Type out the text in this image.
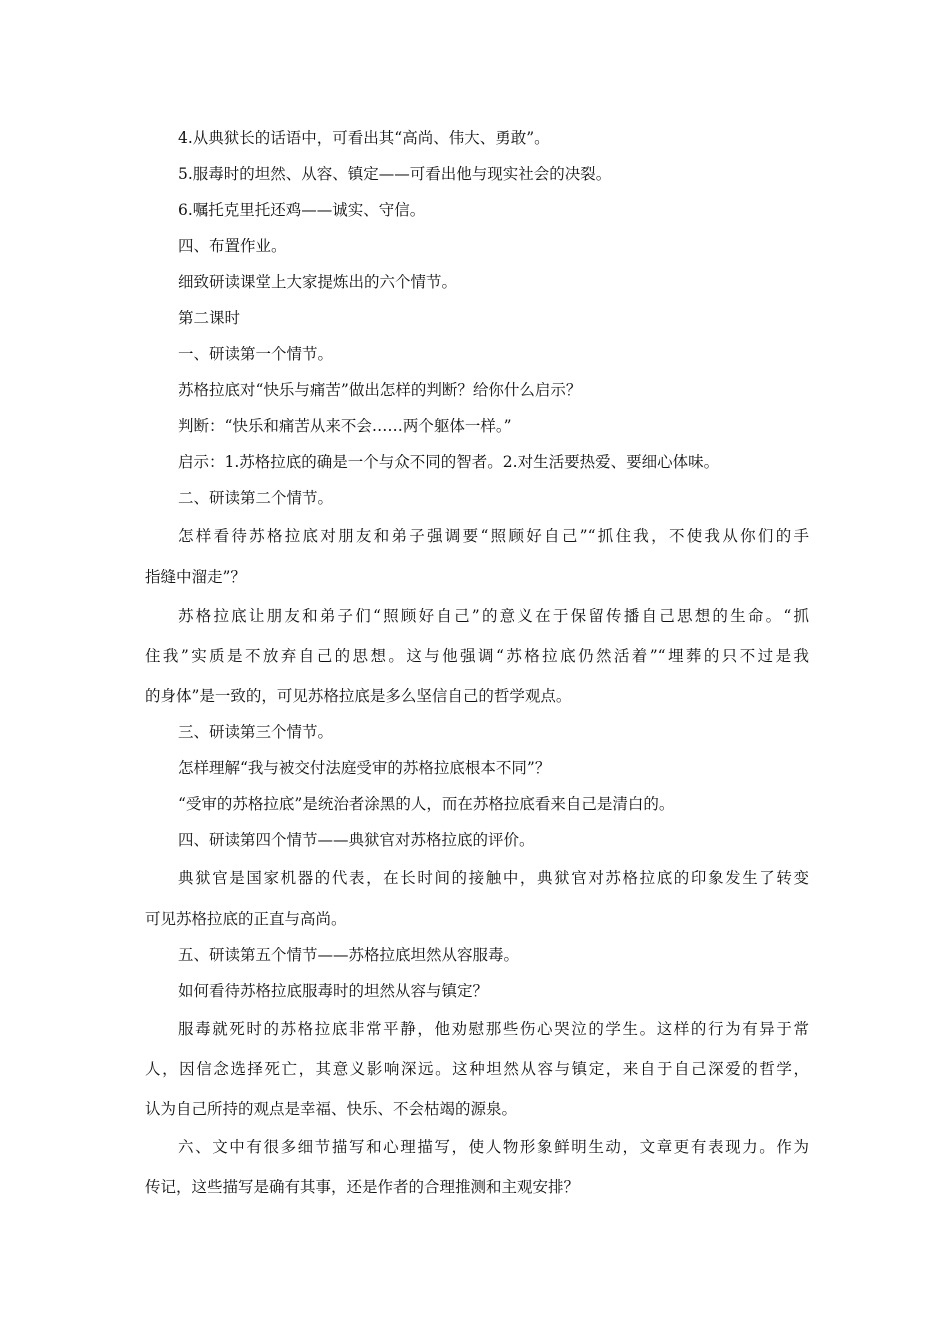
4.从典狱长的话语中，可看出其“高尚、伟大、勇敢”。
5.服毒时的坦然、从容、镇定——可看出他与现实社会的决裂。
6.嘱托克里托还鸡——诚实、守信。
四、布置作业。
细致研读课堂上大家提炼出的六个情节。
第二课时
一、研读第一个情节。
苏格拉底对“快乐与痛苦”做出怎样的判断？给你什么启示？
判断：“快乐和痛苦从来不会……两个躯体一样。”
启示：1.苏格拉底的确是一个与众不同的智者。2.对生活要热爱、要细心体味。
二、研读第二个情节。
怎样看待苏格拉底对朋友和弟子强调要“照顾好自己”“抓住我，不使我从你们的手
指缝中溜走”？
苏格拉底让朋友和弟子们“照顾好自己”的意义在于保留传播自己思想的生命。“抓
住我”实质是不放弃自己的思想。这与他强调“苏格拉底仍然活着”“埋葬的只不过是我
的身体”是一致的，可见苏格拉底是多么坚信自己的哲学观点。
三、研读第三个情节。
怎样理解“我与被交付法庭受审的苏格拉底根本不同”？
“受审的苏格拉底”是统治者涂黑的人，而在苏格拉底看来自己是清白的。
四、研读第四个情节——典狱官对苏格拉底的评价。
典狱官是国家机器的代表，在长时间的接触中，典狱官对苏格拉底的印象发生了转变
可见苏格拉底的正直与高尚。
五、研读第五个情节——苏格拉底坦然从容服毒。
如何看待苏格拉底服毒时的坦然从容与镇定？
服毒就死时的苏格拉底非常平静，他劝慰那些伤心哭泣的学生。这样的行为有异于常
人，因信念选择死亡，其意义影响深远。这种坦然从容与镇定，来自于自己深爱的哲学，
认为自己所持的观点是幸福、快乐、不会枯竭的源泉。
六、文中有很多细节描写和心理描写，使人物形象鲜明生动，文章更有表现力。作为
传记，这些描写是确有其事，还是作者的合理推测和主观安排？
